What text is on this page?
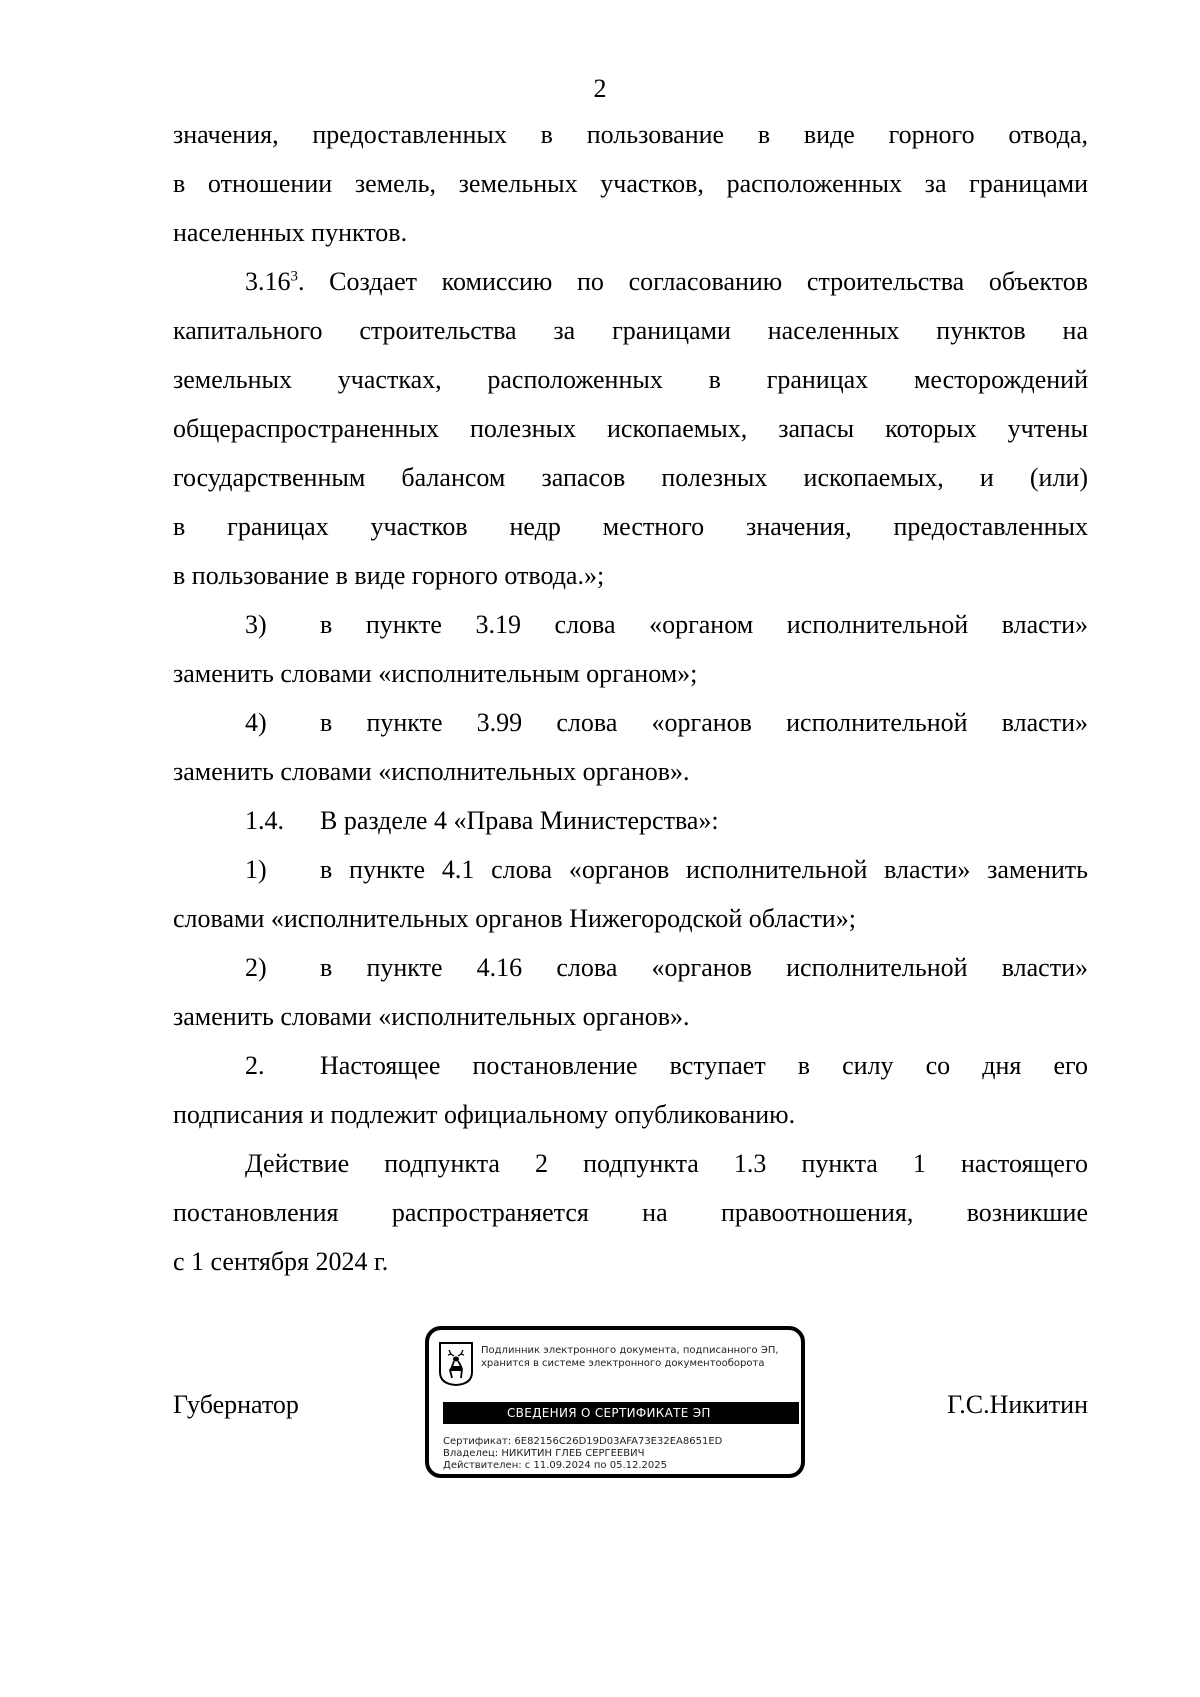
2
значения, предоставленных в пользование в виде горного отвода,
в отношении земель, земельных участков, расположенных за границами
населенных пунктов.
3.16$^3$. Создает комиссию по согласованию строительства объектов
капитального строительства за границами населенных пунктов на
земельных участках, расположенных в границах месторождений
общераспространенных полезных ископаемых, запасы которых учтены
государственным балансом запасов полезных ископаемых, и (или)
в границах участков недр местного значения, предоставленных
в пользование в виде горного отвода.»;
3) в пункте 3.19 слова «органом исполнительной власти»
заменить словами «исполнительным органом»;
4) в пункте 3.99 слова «органов исполнительной власти»
заменить словами «исполнительных органов».
1.4. В разделе 4 «Права Министерства»:
1) в пункте 4.1 слова «органов исполнительной власти» заменить
словами «исполнительных органов Нижегородской области»;
2) в пункте 4.16 слова «органов исполнительной власти»
заменить словами «исполнительных органов».
2. Настоящее постановление вступает в силу со дня его
подписания и подлежит официальному опубликованию.
Действие подпункта 2 подпункта 1.3 пункта 1 настоящего
постановления распространяется на правоотношения, возникшие
с 1 сентября 2024 г.
Губернатор
Подлинник электронного документа, подписанного ЭП,
хранится в системе электронного документооборота
СВЕДЕНИЯ О СЕРТИФИКАТЕ ЭП
Сертификат: 6E82156C26D19D03AFA73E32EA8651ED
Владелец: НИКИТИН ГЛЕБ СЕРГЕЕВИЧ
Действителен: с 11.09.2024 по 05.12.2025
Г.С.Никитин
